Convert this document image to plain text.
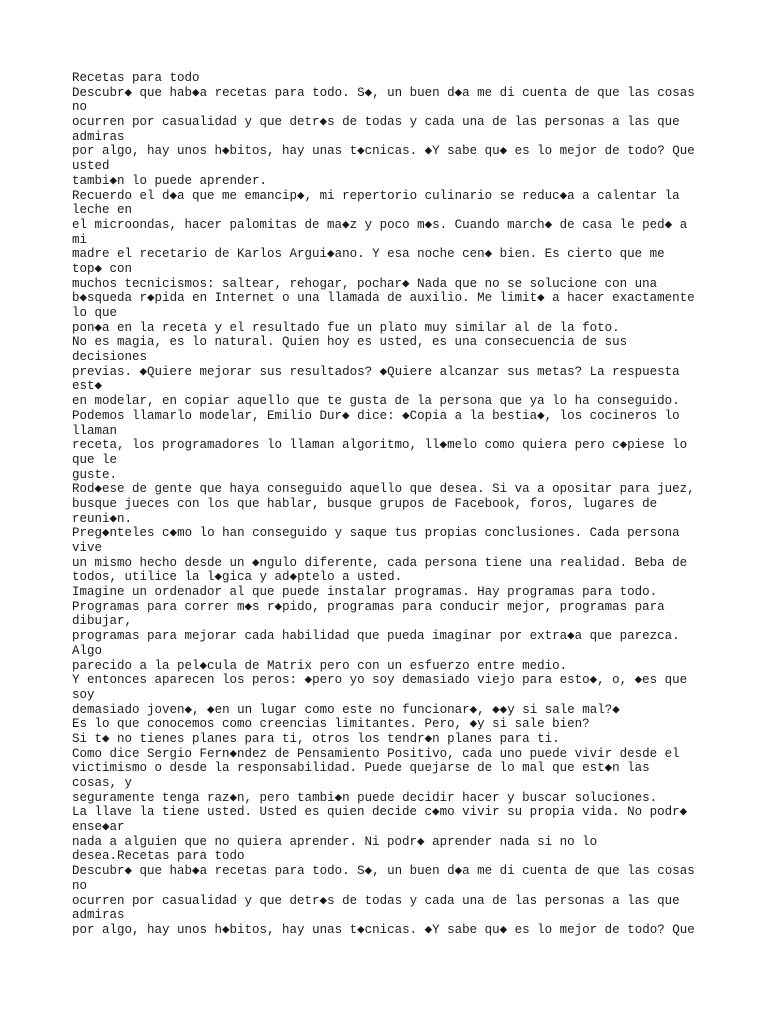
Recetas para todo
Descubr◆ que hab◆a recetas para todo. S◆, un buen d◆a me di cuenta de que las cosas
no
ocurren por casualidad y que detr◆s de todas y cada una de las personas a las que
admiras
por algo, hay unos h◆bitos, hay unas t◆cnicas. ◆Y sabe qu◆ es lo mejor de todo? Que
usted
tambi◆n lo puede aprender.
Recuerdo el d◆a que me emancip◆, mi repertorio culinario se reduc◆a a calentar la
leche en
el microondas, hacer palomitas de ma◆z y poco m◆s. Cuando march◆ de casa le ped◆ a
mi
madre el recetario de Karlos Argui◆ano. Y esa noche cen◆ bien. Es cierto que me
top◆ con
muchos tecnicismos: saltear, rehogar, pochar◆ Nada que no se solucione con una
b◆squeda r◆pida en Internet o una llamada de auxilio. Me limit◆ a hacer exactamente
lo que
pon◆a en la receta y el resultado fue un plato muy similar al de la foto.
No es magia, es lo natural. Quien hoy es usted, es una consecuencia de sus
decisiones
previas. ◆Quiere mejorar sus resultados? ◆Quiere alcanzar sus metas? La respuesta
est◆
en modelar, en copiar aquello que te gusta de la persona que ya lo ha conseguido.
Podemos llamarlo modelar, Emilio Dur◆ dice: ◆Copia a la bestia◆, los cocineros lo
llaman
receta, los programadores lo llaman algoritmo, ll◆melo como quiera pero c◆piese lo
que le
guste.
Rod◆ese de gente que haya conseguido aquello que desea. Si va a opositar para juez,
busque jueces con los que hablar, busque grupos de Facebook, foros, lugares de
reuni◆n.
Preg◆nteles c◆mo lo han conseguido y saque tus propias conclusiones. Cada persona
vive
un mismo hecho desde un ◆ngulo diferente, cada persona tiene una realidad. Beba de
todos, utilice la l◆gica y ad◆ptelo a usted.
Imagine un ordenador al que puede instalar programas. Hay programas para todo.
Programas para correr m◆s r◆pido, programas para conducir mejor, programas para
dibujar,
programas para mejorar cada habilidad que pueda imaginar por extra◆a que parezca.
Algo
parecido a la pel◆cula de Matrix pero con un esfuerzo entre medio.
Y entonces aparecen los peros: ◆pero yo soy demasiado viejo para esto◆, o, ◆es que
soy
demasiado joven◆, ◆en un lugar como este no funcionar◆, ◆◆y si sale mal?◆
Es lo que conocemos como creencias limitantes. Pero, ◆y si sale bien?
Si t◆ no tienes planes para ti, otros los tendr◆n planes para ti.
Como dice Sergio Fern◆ndez de Pensamiento Positivo, cada uno puede vivir desde el
victimismo o desde la responsabilidad. Puede quejarse de lo mal que est◆n las
cosas, y
seguramente tenga raz◆n, pero tambi◆n puede decidir hacer y buscar soluciones.
La llave la tiene usted. Usted es quien decide c◆mo vivir su propia vida. No podr◆
ense◆ar
nada a alguien que no quiera aprender. Ni podr◆ aprender nada si no lo
desea.Recetas para todo
Descubr◆ que hab◆a recetas para todo. S◆, un buen d◆a me di cuenta de que las cosas
no
ocurren por casualidad y que detr◆s de todas y cada una de las personas a las que
admiras
por algo, hay unos h◆bitos, hay unas t◆cnicas. ◆Y sabe qu◆ es lo mejor de todo? Que
